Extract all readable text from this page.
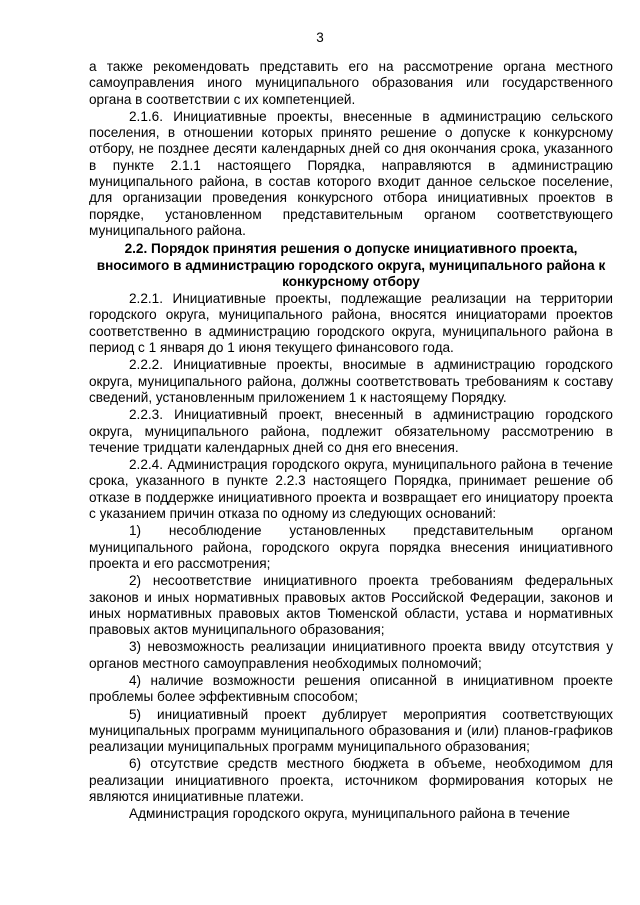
3

а также рекомендовать представить его на рассмотрение органа местного самоуправления иного муниципального образования или государственного органа в соответствии с их компетенцией.

2.1.6. Инициативные проекты, внесенные в администрацию сельского поселения, в отношении которых принято решение о допуске к конкурсному отбору, не позднее десяти календарных дней со дня окончания срока, указанного в пункте 2.1.1 настоящего Порядка, направляются в администрацию муниципального района, в состав которого входит данное сельское поселение, для организации проведения конкурсного отбора инициативных проектов в порядке, установленном представительным органом соответствующего муниципального района.

2.2. Порядок принятия решения о допуске инициативного проекта, вносимого в администрацию городского округа, муниципального района к конкурсному отбору

2.2.1. Инициативные проекты, подлежащие реализации на территории городского округа, муниципального района, вносятся инициаторами проектов соответственно в администрацию городского округа, муниципального района в период с 1 января до 1 июня текущего финансового года.

2.2.2. Инициативные проекты, вносимые в администрацию городского округа, муниципального района, должны соответствовать требованиям к составу сведений, установленным приложением 1 к настоящему Порядку.

2.2.3. Инициативный проект, внесенный в администрацию городского округа, муниципального района, подлежит обязательному рассмотрению в течение тридцати календарных дней со дня его внесения.

2.2.4. Администрация городского округа, муниципального района в течение срока, указанного в пункте 2.2.3 настоящего Порядка, принимает решение об отказе в поддержке инициативного проекта и возвращает его инициатору проекта с указанием причин отказа по одному из следующих оснований:

1) несоблюдение установленных представительным органом муниципального района, городского округа порядка внесения инициативного проекта и его рассмотрения;

2) несоответствие инициативного проекта требованиям федеральных законов и иных нормативных правовых актов Российской Федерации, законов и иных нормативных правовых актов Тюменской области, устава и нормативных правовых актов муниципального образования;

3) невозможность реализации инициативного проекта ввиду отсутствия у органов местного самоуправления необходимых полномочий;

4) наличие возможности решения описанной в инициативном проекте проблемы более эффективным способом;

5) инициативный проект дублирует мероприятия соответствующих муниципальных программ муниципального образования и (или) планов-графиков реализации муниципальных программ муниципального образования;

6) отсутствие средств местного бюджета в объеме, необходимом для реализации инициативного проекта, источником формирования которых не являются инициативные платежи.

Администрация городского округа, муниципального района в течение
